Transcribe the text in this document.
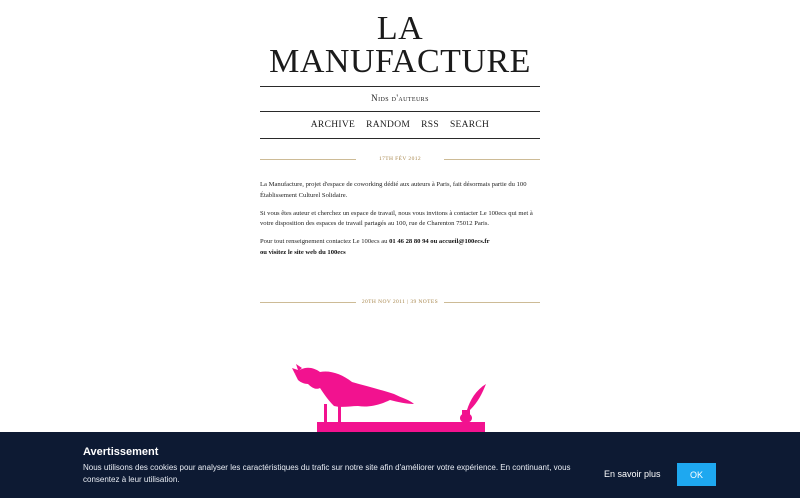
LA
MANUFACTURE
Nids d'auteurs
ARCHIVE RANDOM RSS SEARCH
17TH FÉV 2012

La Manufacture, projet d'espace de coworking dédié aux auteurs à Paris, fait désormais partie du 100 Établissement Culturel Solidaire.

Si vous êtes auteur et cherchez un espace de travail, nous vous invitons à contacter Le 100ecs qui met à votre disposition des espaces de travail partagés au 100, rue de Charenton 75012 Paris.

Pour tout renseignement contactez Le 100ecs au 01 46 28 80 94 ou accueil@100ecs.fr
ou visitez le site web du 100ecs

20TH NOV 2011 | 39 NOTES
Avertissement
Nous utilisons des cookies pour analyser les caractéristiques du trafic sur notre site afin d'améliorer votre expérience. En continuant, vous consentez à leur utilisation.	En savoir plus	OK
